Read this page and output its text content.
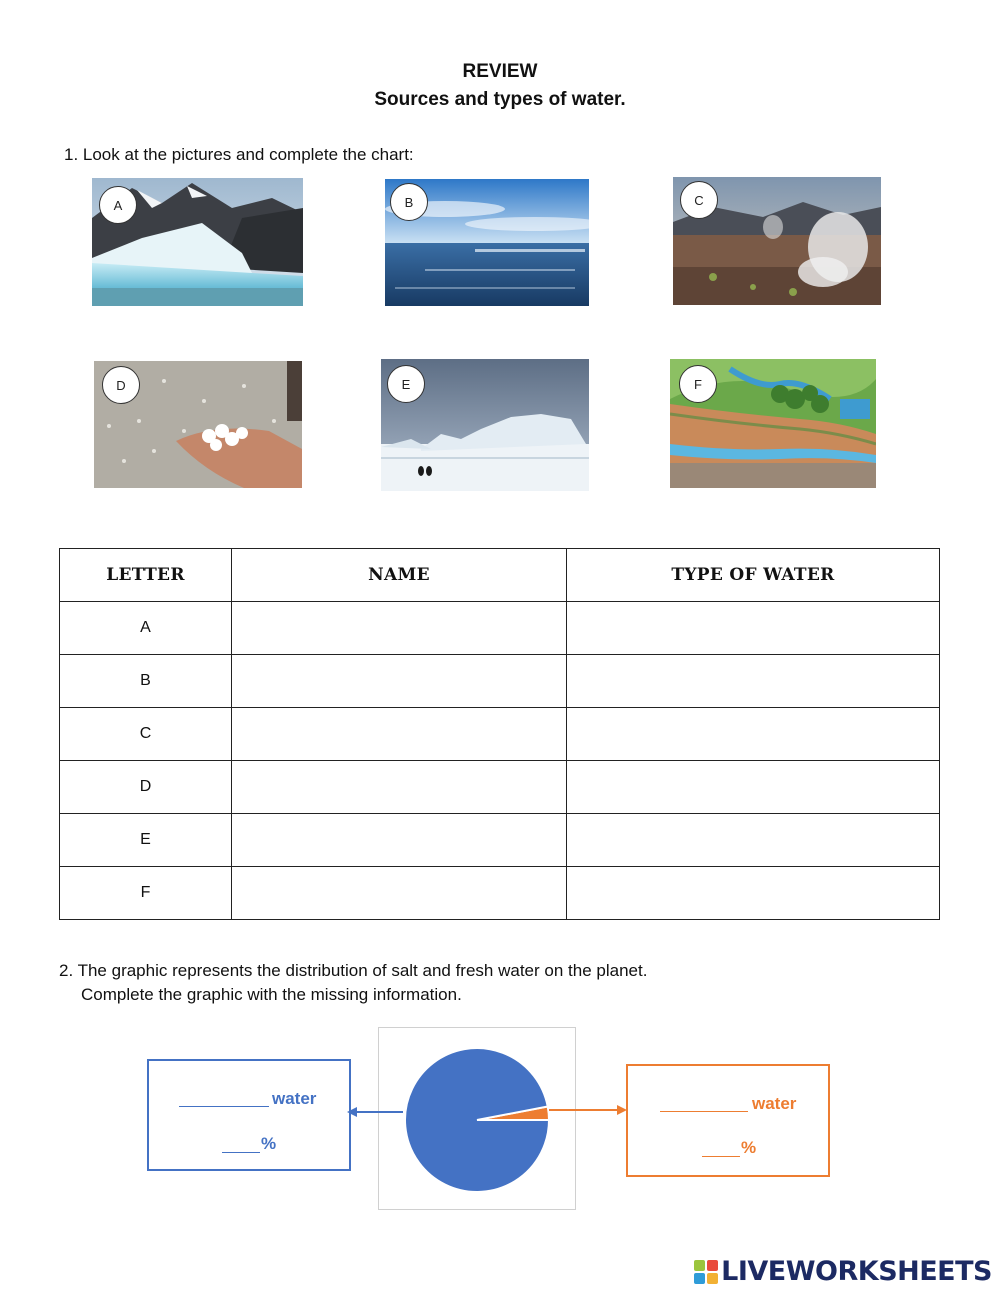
REVIEW
Sources and types of water.
1. Look at the pictures and complete the chart:
A	B	C
D	E	F
LETTER	NAME	TYPE OF WATER
A		
B		
C		
D		
E		
F		
2. The graphic represents the distribution of salt and fresh water on the planet.
Complete the graphic with the missing information.
water
%
water
%
LIVEWORKSHEETS
